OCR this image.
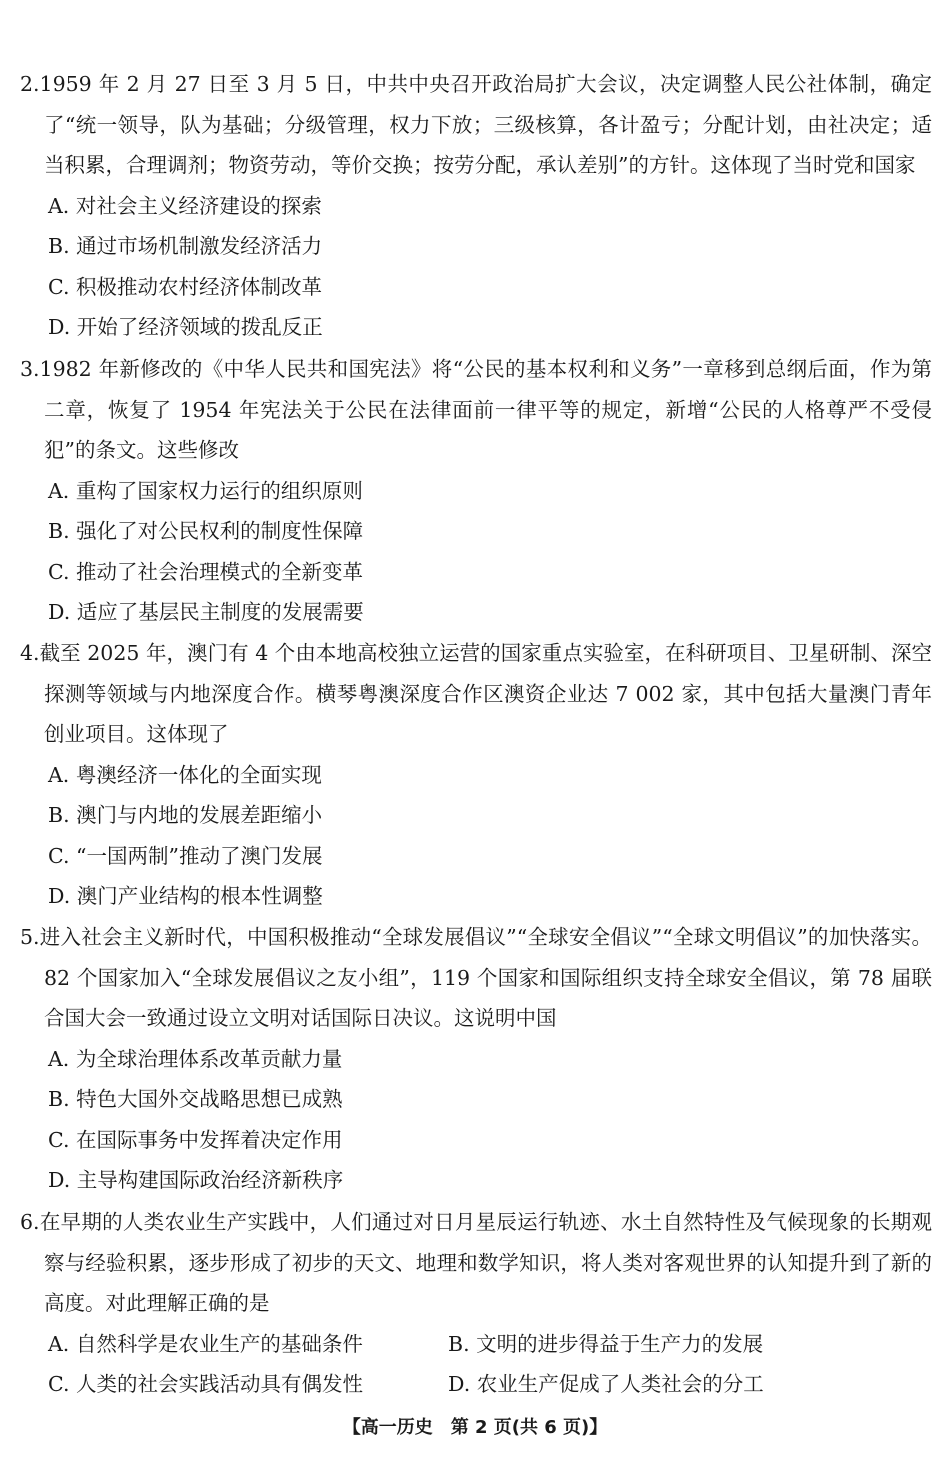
2.1959 年 2 月 27 日至 3 月 5 日，中共中央召开政治局扩大会议，决定调整人民公社体制，确定了“统一领导，队为基础；分级管理，权力下放；三级核算，各计盈亏；分配计划，由社决定；适当积累，合理调剂；物资劳动，等价交换；按劳分配，承认差别”的方针。这体现了当时党和国家

A. 对社会主义经济建设的探索

B. 通过市场机制激发经济活力

C. 积极推动农村经济体制改革

D. 开始了经济领域的拨乱反正

3.1982 年新修改的《中华人民共和国宪法》将“公民的基本权利和义务”一章移到总纲后面，作为第二章，恢复了 1954 年宪法关于公民在法律面前一律平等的规定，新增“公民的人格尊严不受侵犯”的条文。这些修改

A. 重构了国家权力运行的组织原则

B. 强化了对公民权利的制度性保障

C. 推动了社会治理模式的全新变革

D. 适应了基层民主制度的发展需要

4.截至 2025 年，澳门有 4 个由本地高校独立运营的国家重点实验室，在科研项目、卫星研制、深空探测等领域与内地深度合作。横琴粤澳深度合作区澳资企业达 7 002 家，其中包括大量澳门青年创业项目。这体现了

A. 粤澳经济一体化的全面实现

B. 澳门与内地的发展差距缩小

C. “一国两制”推动了澳门发展

D. 澳门产业结构的根本性调整

5.进入社会主义新时代，中国积极推动“全球发展倡议”“全球安全倡议”“全球文明倡议”的加快落实。82 个国家加入“全球发展倡议之友小组”，119 个国家和国际组织支持全球安全倡议，第 78 届联合国大会一致通过设立文明对话国际日决议。这说明中国

A. 为全球治理体系改革贡献力量

B. 特色大国外交战略思想已成熟

C. 在国际事务中发挥着决定作用

D. 主导构建国际政治经济新秩序

6.在早期的人类农业生产实践中，人们通过对日月星辰运行轨迹、水土自然特性及气候现象的长期观察与经验积累，逐步形成了初步的天文、地理和数学知识，将人类对客观世界的认知提升到了新的高度。对此理解正确的是

A. 自然科学是农业生产的基础条件	B. 文明的进步得益于生产力的发展
C. 人类的社会实践活动具有偶发性	D. 农业生产促成了人类社会的分工
【高一历史　第 2 页(共 6 页)】
